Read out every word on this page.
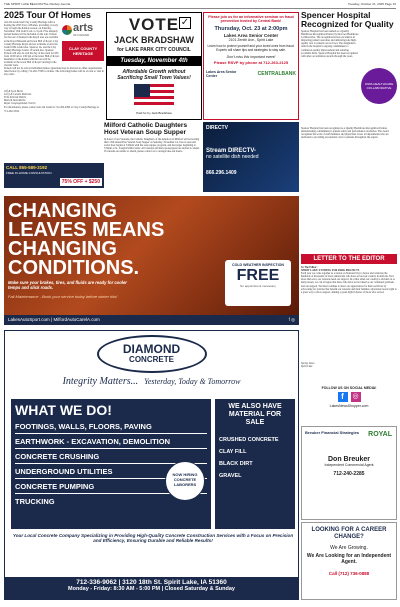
THE SPIRIT LAKE BEACON/The Okoboji Journal	Tuesday, October 21, 2025 Page 15
2025 Tour Of Homes
Arts On Grand and Clay County Heritage will be hosting the 2025 Tour of Homes, providing a lovely way to begin the holiday season, on Saturday, November 15th from 9 a.m. to 4 p.m. Five uniquely decked homes will be included on the tour. Tickets for the tour of homes in the Royal area are available at the Royal Museum and Great Hall of Royal, Clay County Heritage Royal and are available at Arts On Grand 1804 Grand Ave. Spencer, IA, and the Clay County Heritage Center 13 Grand Ave. Spencer. Tickets will also be sold the day of the event for $30 from 10:00 am to 2:00 pm at the Great Hall of Royal. Residence of the homes with the tour will be available at the Great Hall of Royal viewing in the viewing parts.
arts
ON GRAND
CLAY COUNTY HERITAGE
Tickets will not be sold at individual homes. Questions may be directed to either organizations listed below by calling 712-262-7788 for tickets. The following homes will be on tour to visit in any order:
Jeff & Lynn Burns
Larry & Carolle Pedersen
Fritz & Kristi Wehrle
Mark & Anna Roche
Royal Congregational Church
For information, please contact Arts On Grand at 712-262-4393 or Clay County Heritage at 712-262-5304.
CALL 855-589-3192
FREE IN-HOME CONSULTATION
75% OFF + $250
VOTE ✓
JACK BRADSHAW
for LAKE PARK CITY COUNCIL
Tuesday, November 4th
Affordable Growth without Sacrificing Small Town Values!
Paid for by Jack Bradshaw
Please join us for an informative seminar on fraud prevention hosted by Central Bank!
Thursday, Oct. 23 at 2:00pm
Lakes Area Senior Center
2101 Zenith Ave., Spirit Lake
Learn how to protect yourself and your loved ones from fraud. Experts will share tips and strategies to stay safe.
Don't miss this important event!
Please RSVP by phone at 712-263-2125
Lakes Area Senior Center	CENTRALBANK
Spencer Hospital Recognized for Quality
Spencer Hospital has been named as a Quality Healthcare Recognition Partner by the Iowa Healthcare Collaborative. The recognition honors excellence in improving patient outcomes and delivering safe high-quality care to patients across Iowa. The designation reflects the hospital's ongoing commitment to continuous quality improvement and reducing avoidable harm. Spencer Hospital has been recognized with other accreditation awards through the years.
IOWA HEALTHCARE COLLABORATIVE
Spencer Hospital has been recognized as a Quality Healthcare Recognition Partner, demonstrating commitment to patient safety and performance excellence. The award recognizes the work of staff members and physicians across all departments who are dedicated to providing exceptional care for patients throughout the region.
Milford Catholic Daughters Host Veteran Soup Supper
In honor of our Veterans, the Catholic Daughters of the Americas in Milford will be hosting their 13th annual Free Veteran Soup Supper on Saturday, November 1st. Doors open and social hour begins at 5:00pm with the soup supper, program, and beverages beginning at 5:30pm at St. Joseph Parish Center. All veterans and their spouse/guest are invited to attend. If veterans are unable to attend, please contact us to arrange take-out meals.
DIRECTV
Stream DIRECTV-
no satellite dish needed
866.296.1409
CHANGING
LEAVES MEANS
CHANGING
CONDITIONS.
Make sure your brakes, tires, and fluids are ready for cooler temps and slick roads.
Fall Maintenance - Book your service today before winter hits!
COLD WEATHER INSPECTION
FREE
No appointment necessary
LakesAutoSport.com | MilfordAutoCarelA.com	f ◎
LETTER TO THE EDITOR
To The Editor:
SPIRIT LAKE: FUNDING FOR PARK PROJECTS
Each year we come together as a nation on Veterans Day to honor and celebrate the hundreds of thousands of brave Americans who have served our country in uniform. Now more than ever, our veterans need our support. In a time when our country is divided on so many issues, we can all agree that those who have served deserve our continued gratitude and our support. We must continue to show our appreciation for their sacrifices by advocating for policies that benefit our veterans and their families. Operation Green Light is a great way to show support, shining a green light in honor of those who served.
Spring Janes
Spirit Lake
DIAMOND
CONCRETE
Integrity Matters... Yesterday, Today & Tomorrow
WHAT WE DO!
FOOTINGS, WALLS, FLOORS, PAVING
EARTHWORK - EXCAVATION, DEMOLITION
CONCRETE CRUSHING
UNDERGROUND UTILITIES
CONCRETE PUMPING
TRUCKING
NOW HIRING CONCRETE LABORERS
WE ALSO HAVE MATERIAL FOR SALE
CRUSHED CONCRETE
CLAY FILL
BLACK DIRT
GRAVEL
Your Local Concrete Company Specializing in Providing High-Quality Concrete Construction Services with a Focus on Precision and Efficiency, Ensuring Durable and Reliable Results!
712-336-9062 | 3120 18th St. Spirit Lake, IA 51360
Monday - Friday: 8:30 AM - 5:00 PM | Closed Saturday & Sunday
FOLLOW US ON SOCIAL MEDIA!
f	◎
LakesNewsShopper.com
Breuker Financial Strategies	ROYAL
Don Breuker
Independent Commercial Agent
712-240-2285
LOOKING FOR A CAREER CHANGE?
We Are Growing.
We Are Looking for an Independent Agent.
Call (712) 736-0888
